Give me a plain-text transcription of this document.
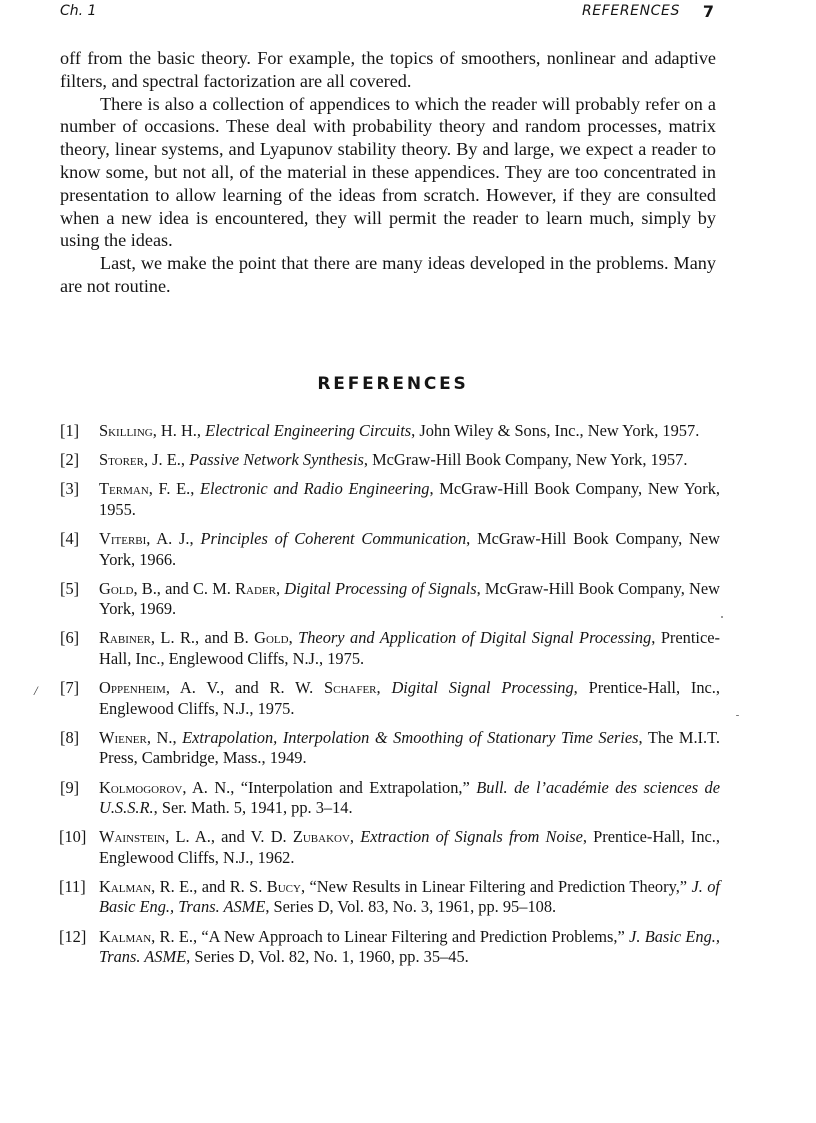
Ch. 1	REFERENCES 7

off from the basic theory. For example, the topics of smoothers, nonlinear and adaptive filters, and spectral factorization are all covered.

There is also a collection of appendices to which the reader will probably refer on a number of occasions. These deal with probability theory and random processes, matrix theory, linear systems, and Lyapunov stability theory. By and large, we expect a reader to know some, but not all, of the material in these appendices. They are too concentrated in presentation to allow learning of the ideas from scratch. However, if they are consulted when a new idea is encountered, they will permit the reader to learn much, simply by using the ideas.

Last, we make the point that there are many ideas developed in the problems. Many are not routine.

REFERENCES
[1]	Skilling, H. H., Electrical Engineering Circuits, John Wiley & Sons, Inc., New York, 1957.
[2]	Storer, J. E., Passive Network Synthesis, McGraw-Hill Book Company, New York, 1957.
[3]	Terman, F. E., Electronic and Radio Engineering, McGraw-Hill Book Company, New York, 1955.
[4]	Viterbi, A. J., Principles of Coherent Communication, McGraw-Hill Book Company, New York, 1966.
[5]	Gold, B., and C. M. Rader, Digital Processing of Signals, McGraw-Hill Book Company, New York, 1969.
[6]	Rabiner, L. R., and B. Gold, Theory and Application of Digital Signal Processing, Prentice-Hall, Inc., Englewood Cliffs, N.J., 1975.
[7]	Oppenheim, A. V., and R. W. Schafer, Digital Signal Processing, Prentice-Hall, Inc., Englewood Cliffs, N.J., 1975.
[8]	Wiener, N., Extrapolation, Interpolation & Smoothing of Stationary Time Series, The M.I.T. Press, Cambridge, Mass., 1949.
[9]	Kolmogorov, A. N., “Interpolation and Extrapolation,” Bull. de l’académie des sciences de U.S.S.R., Ser. Math. 5, 1941, pp. 3–14.
[10] Wainstein, L. A., and V. D. Zubakov, Extraction of Signals from Noise, Prentice-Hall, Inc., Englewood Cliffs, N.J., 1962.
[11] Kalman, R. E., and R. S. Bucy, “New Results in Linear Filtering and Prediction Theory,” J. of Basic Eng., Trans. ASME, Series D, Vol. 83, No. 3, 1961, pp. 95–108.
[12] Kalman, R. E., “A New Approach to Linear Filtering and Prediction Problems,” J. Basic Eng., Trans. ASME, Series D, Vol. 82, No. 1, 1960, pp. 35–45.
/
